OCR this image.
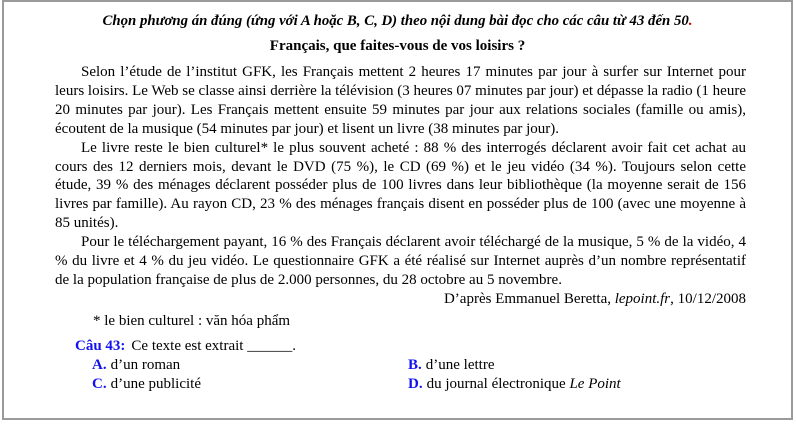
Chọn phương án đúng (ứng với A hoặc B, C, D) theo nội dung bài đọc cho các câu từ 43 đến 50.
Français, que faites-vous de vos loisirs ?

Selon l’étude de l’institut GFK, les Français mettent 2 heures 17 minutes par jour à surfer sur Internet pour leurs loisirs. Le Web se classe ainsi derrière la télévision (3 heures 07 minutes par jour) et dépasse la radio (1 heure 20 minutes par jour). Les Français mettent ensuite 59 minutes par jour aux relations sociales (famille ou amis), écoutent de la musique (54 minutes par jour) et lisent un livre (38 minutes par jour).

Le livre reste le bien culturel* le plus souvent acheté : 88 % des interrogés déclarent avoir fait cet achat au cours des 12 derniers mois, devant le DVD (75 %), le CD (69 %) et le jeu vidéo (34 %). Toujours selon cette étude, 39 % des ménages déclarent posséder plus de 100 livres dans leur bibliothèque (la moyenne serait de 156 livres par famille). Au rayon CD, 23 % des ménages français disent en posséder plus de 100 (avec une moyenne à 85 unités).

Pour le téléchargement payant, 16 % des Français déclarent avoir téléchargé de la musique, 5 % de la vidéo, 4 % du livre et 4 % du jeu vidéo. Le questionnaire GFK a été réalisé sur Internet auprès d’un nombre représentatif de la population française de plus de 2.000 personnes, du 28 octobre au 5 novembre.

D’après Emmanuel Beretta, lepoint.fr, 10/12/2008
* le bien culturel : văn hóa phẩm
Câu 43: Ce texte est extrait ______.
A. d’un roman	B. d’une lettre
C. d’une publicité	D. du journal électronique Le Point
